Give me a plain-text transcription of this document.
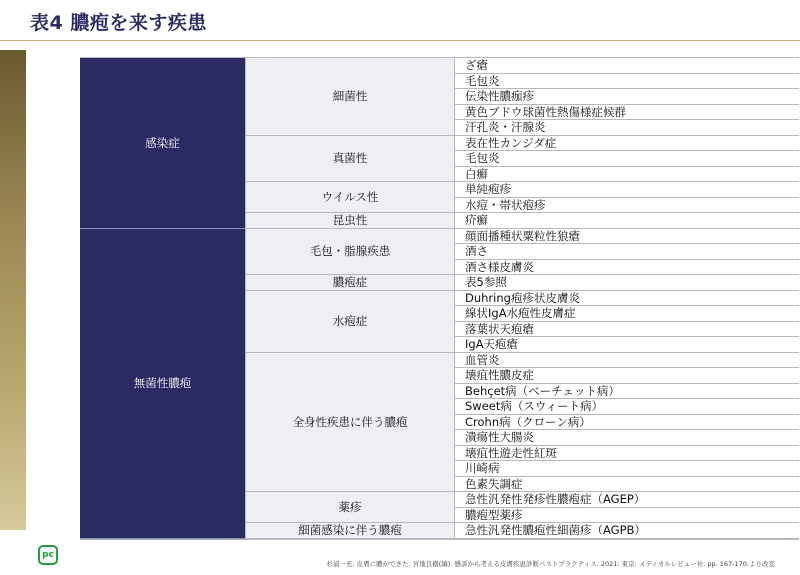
表4 膿疱を来す疾患
ざ瘡
毛包炎
伝染性膿痂疹
黄色ブドウ球菌性熱傷様症候群
汗孔炎・汗腺炎
細菌性
表在性カンジダ症
毛包炎
白癬
真菌性
単純疱疹
水痘・帯状疱疹
ウイルス性
疥癬
昆虫性
感染症
顔面播種状粟粒性狼瘡
酒さ
酒さ様皮膚炎
毛包・脂腺疾患
表5参照
膿疱症
Duhring疱疹状皮膚炎
線状IgA水疱性皮膚症
落葉状天疱瘡
IgA天疱瘡
水疱症
血管炎
壊疽性膿皮症
Behçet病（ベーチェット病）
Sweet病（スウィート病）
Crohn病（クローン病）
潰瘍性大腸炎
壊疽性遊走性紅斑
川崎病
色素失調症
全身性疾患に伴う膿疱
急性汎発性発疹性膿疱症（AGEP）
膿疱型薬疹
薬疹
急性汎発性膿疱性細菌疹（AGPB）
細菌感染に伴う膿疱
無菌性膿疱
pc
杉浦一充. 皮膚に膿ができた. 宮地良樹(編). 懸訴から考える皮膚疾患診断ベストプラクティス. 2021: 東京: メディカルレビュー社. pp. 167-170.より改変
